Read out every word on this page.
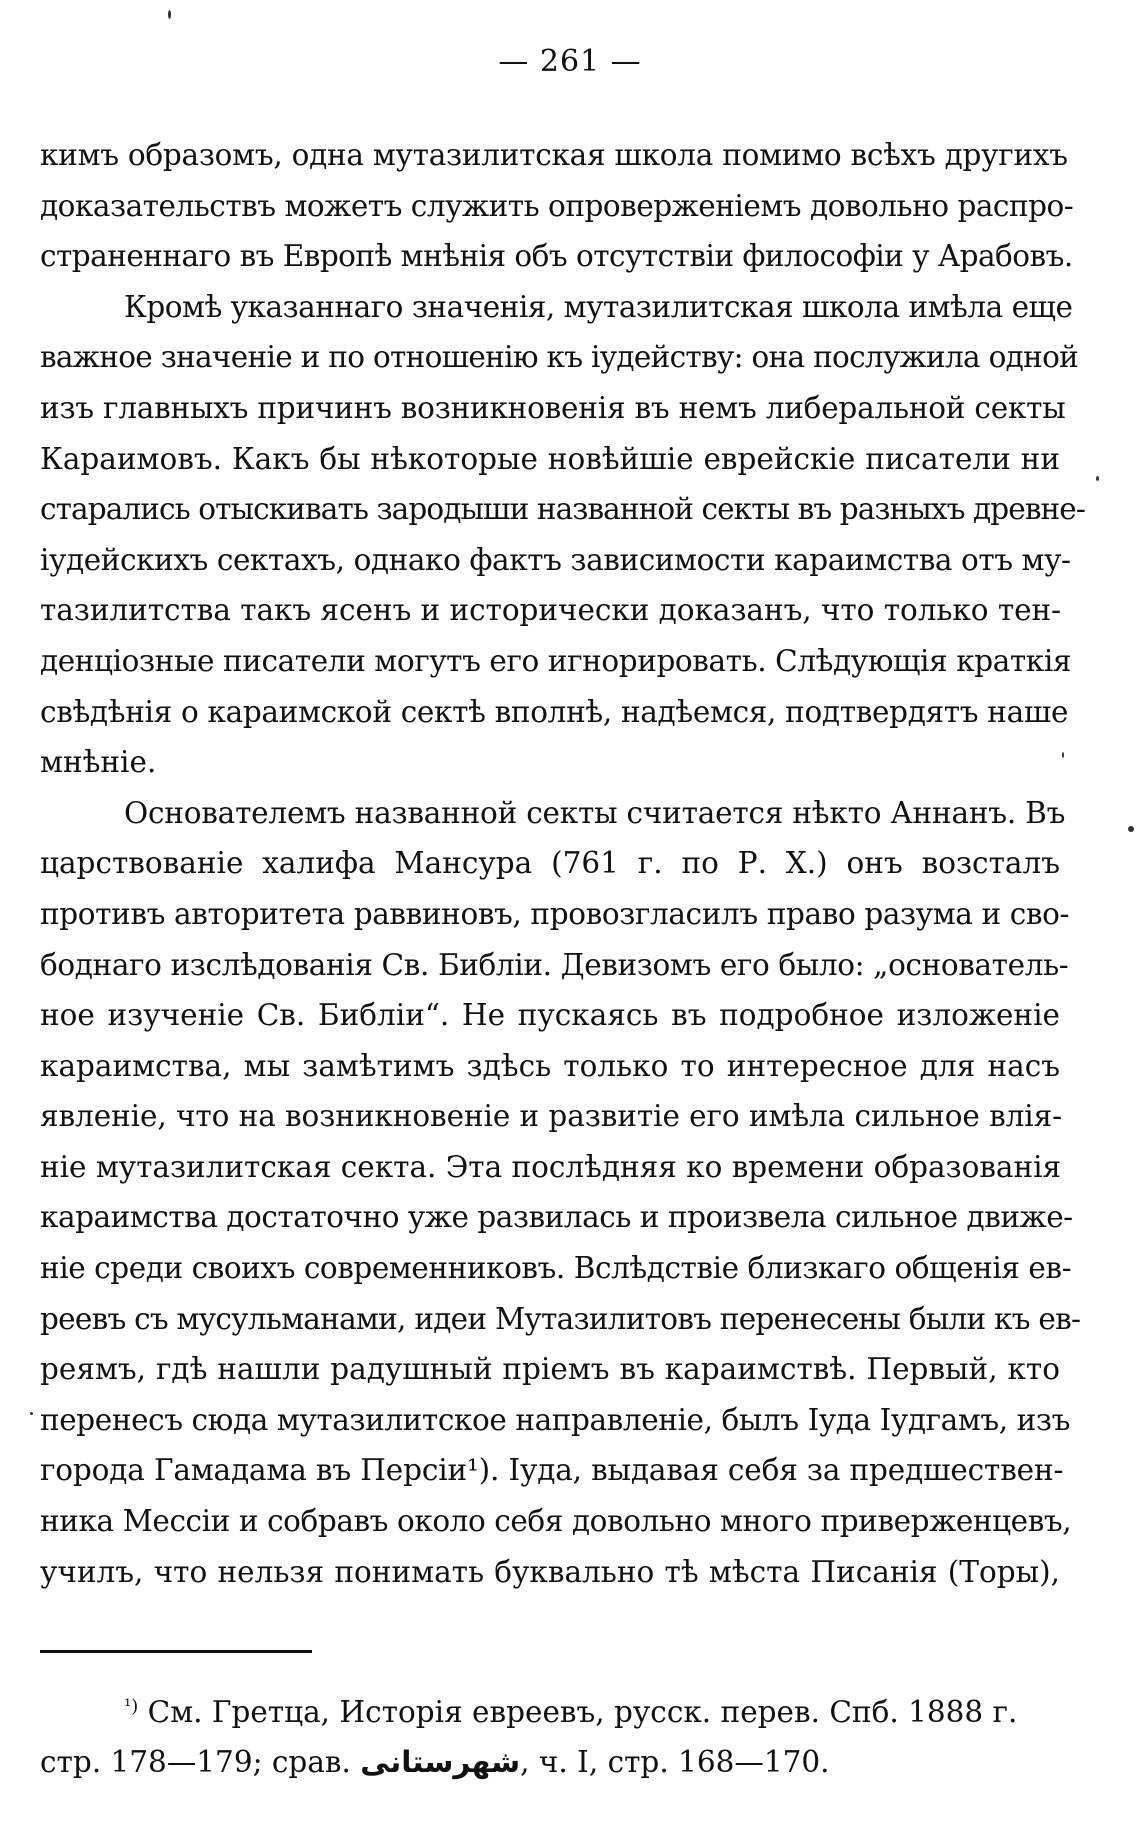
— 261 —
кимъ образомъ, одна мутазилитская школа помимо всѣхъ другихъ
доказательствъ можетъ служить опроверженіемъ довольно распро-
страненнаго въ Европѣ мнѣнія объ отсутствіи философіи у Арабовъ.
Кромѣ указаннаго значенія, мутазилитская школа имѣла еще
важное значеніе и по отношенію къ іудейству: она послужила одной
изъ главныхъ причинъ возникновенія въ немъ либеральной секты
Караимовъ. Какъ бы нѣкоторые новѣйшіе еврейскіе писатели ни
старались отыскивать зародыши названной секты въ разныхъ древне-
іудейскихъ сектахъ, однако фактъ зависимости караимства отъ му-
тазилитства такъ ясенъ и исторически доказанъ, что только тен-
денціозные писатели могутъ его игнорировать. Слѣдующія краткія
свѣдѣнія о караимской сектѣ вполнѣ, надѣемся, подтвердятъ наше
мнѣніе.
Основателемъ названной секты считается нѣкто Аннанъ. Въ
царствованіе халифа Мансура (761 г. по Р. Х.) онъ возсталъ
противъ авторитета раввиновъ, провозгласилъ право разума и сво-
боднаго изслѣдованія Св. Библіи. Девизомъ его было: „основатель-
ное изученіе Св. Библіи“. Не пускаясь въ подробное изложеніе
караимства, мы замѣтимъ здѣсь только то интересное для насъ
явленіе, что на возникновеніе и развитіе его имѣла сильное влія-
ніе мутазилитская секта. Эта послѣдняя ко времени образованія
караимства достаточно уже развилась и произвела сильное движе-
ніе среди своихъ современниковъ. Вслѣдствіе близкаго общенія ев-
реевъ съ мусульманами, идеи Мутазилитовъ перенесены были къ ев-
реямъ, гдѣ нашли радушный пріемъ въ караимствѣ. Первый, кто
перенесъ сюда мутазилитское направленіе, былъ Іуда Іудгамъ, изъ
города Гамадама въ Персіи¹). Іуда, выдавая себя за предшествен-
ника Мессіи и собравъ около себя довольно много приверженцевъ,
училъ, что нельзя понимать буквально тѣ мѣста Писанія (Торы),
$^{^1)}$ См. Гретца, Исторія евреевъ, русск. перев. Спб. 1888 г.
стр. 178—179; срав. شهرستانى, ч. I, стр. 168—170.
